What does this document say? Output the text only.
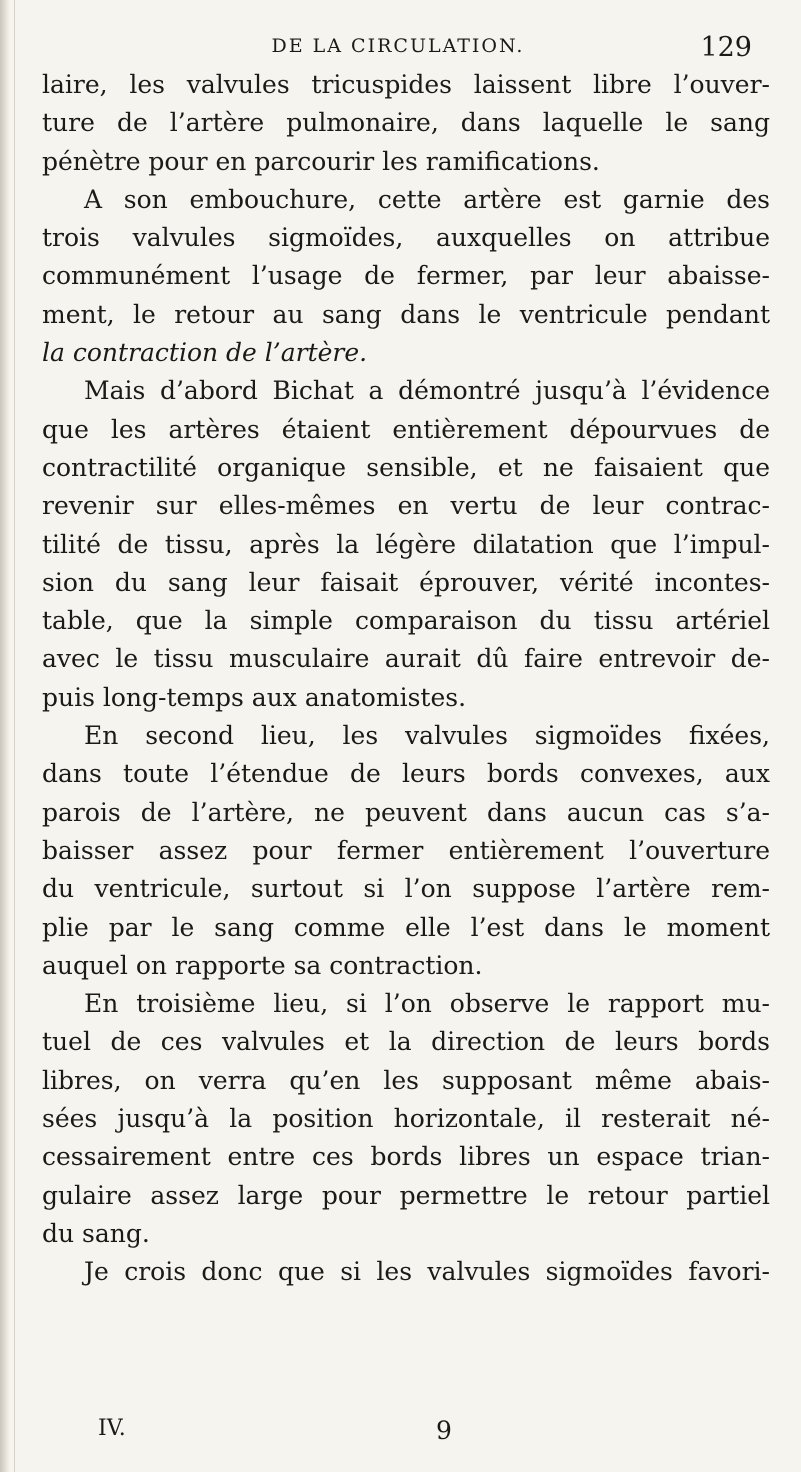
DE LA CIRCULATION.	129
laire, les valvules tricuspides laissent libre l’ouver-
ture de l’artère pulmonaire, dans laquelle le sang
pénètre pour en parcourir les ramifications.
A son embouchure, cette artère est garnie des
trois valvules sigmoïdes, auxquelles on attribue
communément l’usage de fermer, par leur abaisse-
ment, le retour au sang dans le ventricule pendant
la contraction de l’artère.
Mais d’abord Bichat a démontré jusqu’à l’évidence
que les artères étaient entièrement dépourvues de
contractilité organique sensible, et ne faisaient que
revenir sur elles-mêmes en vertu de leur contrac-
tilité de tissu, après la légère dilatation que l’impul-
sion du sang leur faisait éprouver, vérité incontes-
table, que la simple comparaison du tissu artériel
avec le tissu musculaire aurait dû faire entrevoir de-
puis long-temps aux anatomistes.
En second lieu, les valvules sigmoïdes fixées,
dans toute l’étendue de leurs bords convexes, aux
parois de l’artère, ne peuvent dans aucun cas s’a-
baisser assez pour fermer entièrement l’ouverture
du ventricule, surtout si l’on suppose l’artère rem-
plie par le sang comme elle l’est dans le moment
auquel on rapporte sa contraction.
En troisième lieu, si l’on observe le rapport mu-
tuel de ces valvules et la direction de leurs bords
libres, on verra qu’en les supposant même abais-
sées jusqu’à la position horizontale, il resterait né-
cessairement entre ces bords libres un espace trian-
gulaire assez large pour permettre le retour partiel
du sang.
Je crois donc que si les valvules sigmoïdes favori-
IV.	9
